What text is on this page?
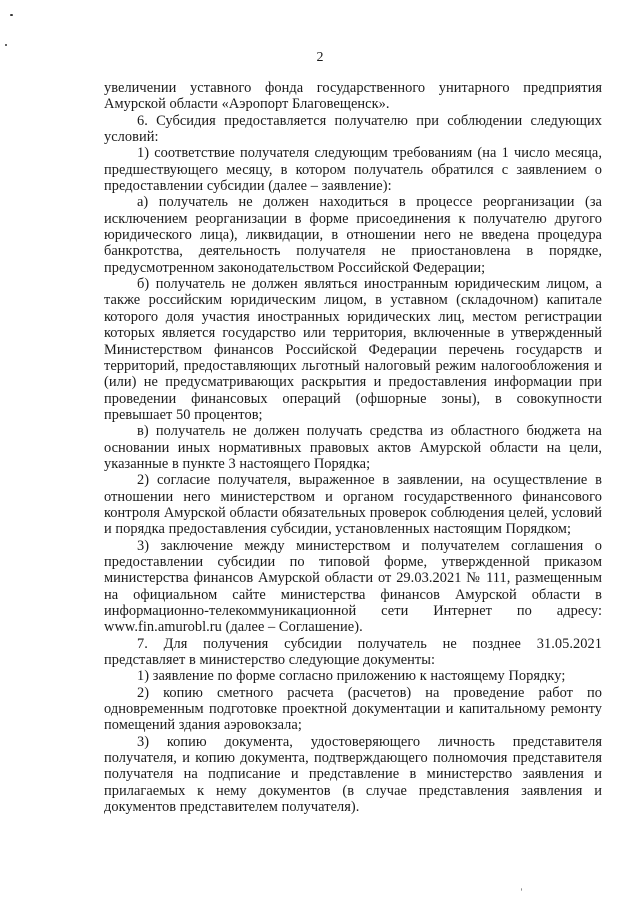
2

увеличении уставного фонда государственного унитарного предприятия Амурской области «Аэропорт Благовещенск».

6. Субсидия предоставляется получателю при соблюдении следующих условий:

1) соответствие получателя следующим требованиям (на 1 число месяца, предшествующего месяцу, в котором получатель обратился с заявлением о предоставлении субсидии (далее – заявление):

а) получатель не должен находиться в процессе реорганизации (за исключением реорганизации в форме присоединения к получателю другого юридического лица), ликвидации, в отношении него не введена процедура банкротства, деятельность получателя не приостановлена в порядке, предусмотренном законодательством Российской Федерации;

б) получатель не должен являться иностранным юридическим лицом, а также российским юридическим лицом, в уставном (складочном) капитале которого доля участия иностранных юридических лиц, местом регистрации которых является государство или территория, включенные в утвержденный Министерством финансов Российской Федерации перечень государств и территорий, предоставляющих льготный налоговый режим налогообложения и (или) не предусматривающих раскрытия и предоставления информации при проведении финансовых операций (офшорные зоны), в совокупности превышает 50 процентов;

в) получатель не должен получать средства из областного бюджета на основании иных нормативных правовых актов Амурской области на цели, указанные в пункте 3 настоящего Порядка;

2) согласие получателя, выраженное в заявлении, на осуществление в отношении него министерством и органом государственного финансового контроля Амурской области обязательных проверок соблюдения целей, условий и порядка предоставления субсидии, установленных настоящим Порядком;

3) заключение между министерством и получателем соглашения о предоставлении субсидии по типовой форме, утвержденной приказом министерства финансов Амурской области от 29.03.2021 № 111, размещенным на официальном сайте министерства финансов Амурской области в информационно-телекоммуникационной сети Интернет по адресу: www.fin.amurobl.ru (далее – Соглашение).

7. Для получения субсидии получатель не позднее 31.05.2021 представляет в министерство следующие документы:

1) заявление по форме согласно приложению к настоящему Порядку;

2) копию сметного расчета (расчетов) на проведение работ по одновременным подготовке проектной документации и капитальному ремонту помещений здания аэровокзала;

3) копию документа, удостоверяющего личность представителя получателя, и копию документа, подтверждающего полномочия представителя получателя на подписание и представление в министерство заявления и прилагаемых к нему документов (в случае представления заявления и документов представителем получателя).
